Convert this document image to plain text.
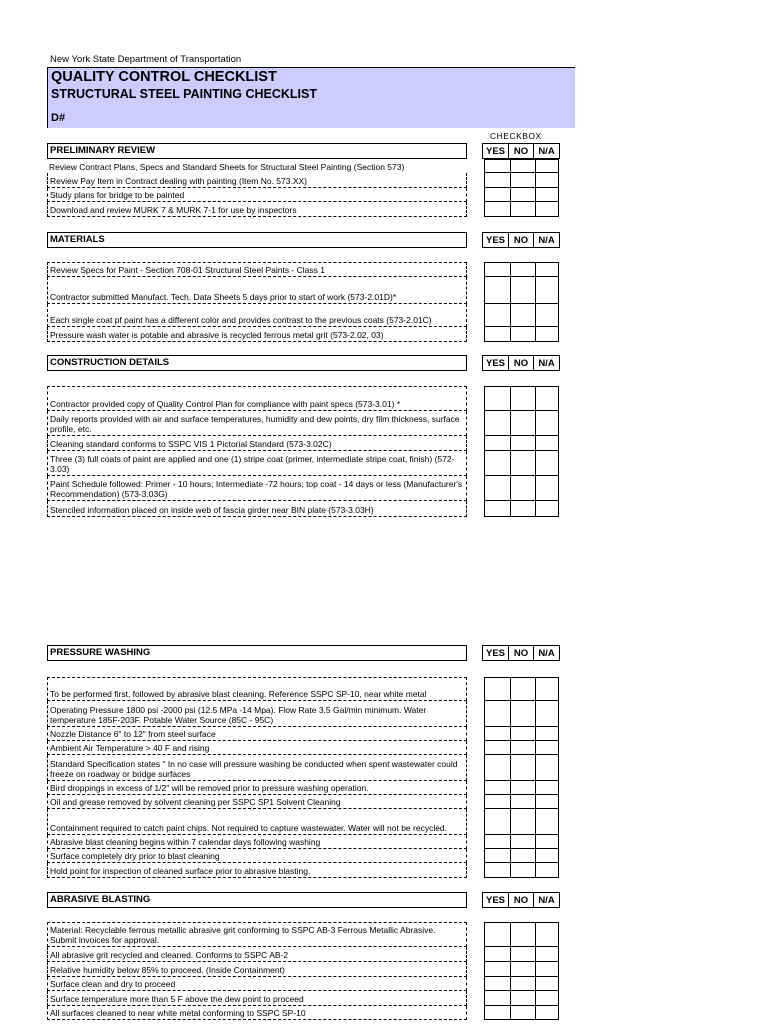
New York State Department of Transportation
QUALITY CONTROL CHECKLIST
STRUCTURAL STEEL PAINTING CHECKLIST
D#
CHECKBOX
PRELIMINARY REVIEW	YES NO	N/A
Review Contract Plans, Specs and Standard Sheets for Structural Steel Painting (Section 573)
Review Pay Item in Contract dealing with painting (Item No. 573.XX)
Study plans for bridge to be painted
Download and review MURK 7 & MURK 7-1 for use by inspectors
MATERIALS	YES NO	N/A
Review Specs for Paint - Section 708-01 Structural Steel Paints - Class 1
Contractor submitted Manufact. Tech. Data Sheets 5 days prior to start of work (573-2.01D)*
Each single coat pf paint has a different color and provides contrast to the previous coats (573-2.01C)
Pressure wash water is potable and abrasive is recycled ferrous metal grit (573-2.02, 03)
CONSTRUCTION DETAILS	YES NO	N/A
Contractor provided copy of Quality Control Plan for compliance with paint specs (573-3.01) *
Daily reports provided with air and surface temperatures, humidity and dew points, dry film thickness, surface profile, etc.
Cleaning standard conforms to SSPC VIS 1 Pictorial Standard (573-3.02C)
Three (3) full coats of paint are applied and one (1) stripe coat (primer, intermediate stripe coat, finish) (572-3.03)
Paint Schedule followed: Primer - 10 hours; Intermediate -72 hours; top coat - 14 days or less (Manufacturer's Recommendation) (573-3.03G)
Stenciled information placed on inside web of fascia girder near BIN plate (573-3.03H)
PRESSURE WASHING	YES NO	N/A
To be performed first, followed by abrasive blast cleaning. Reference SSPC SP-10, near white metal
Operating Pressure 1800 psi -2000 psi (12.5 MPa -14 Mpa). Flow Rate 3.5 Gal/min minimum. Water temperature 185F-203F. Potable Water Source (85C - 95C)
Nozzle Distance 6" to 12" from steel surface
Ambient Air Temperature > 40 F and rising
Standard Specification states " In no case will pressure washing be conducted when spent wastewater could freeze on roadway or bridge surfaces
Bird droppings in excess of 1/2" will be removed prior to pressure washing operation.
Oil and grease removed by solvent cleaning per SSPC SP1 Solvent Cleaning
Containment required to catch paint chips. Not required to capture wastewater. Water will not be recycled.
Abrasive blast cleaning begins within 7 calendar days following washing
Surface completely dry prior to blast cleaning
Hold point for inspection of cleaned surface prior to abrasive blasting.
ABRASIVE BLASTING	YES NO	N/A
Material: Recyclable ferrous metallic abrasive grit conforming to SSPC AB-3 Ferrous Metallic Abrasive. Submit invoices for approval.
All abrasive grit recycled and cleaned. Conforms to SSPC AB-2
Relative humidity below 85% to proceed. (Inside Containment)
Surface clean and dry to proceed
Surface temperature more than 5 F above the dew point to proceed
All surfaces cleaned to near white metal conforming to SSPC SP-10
